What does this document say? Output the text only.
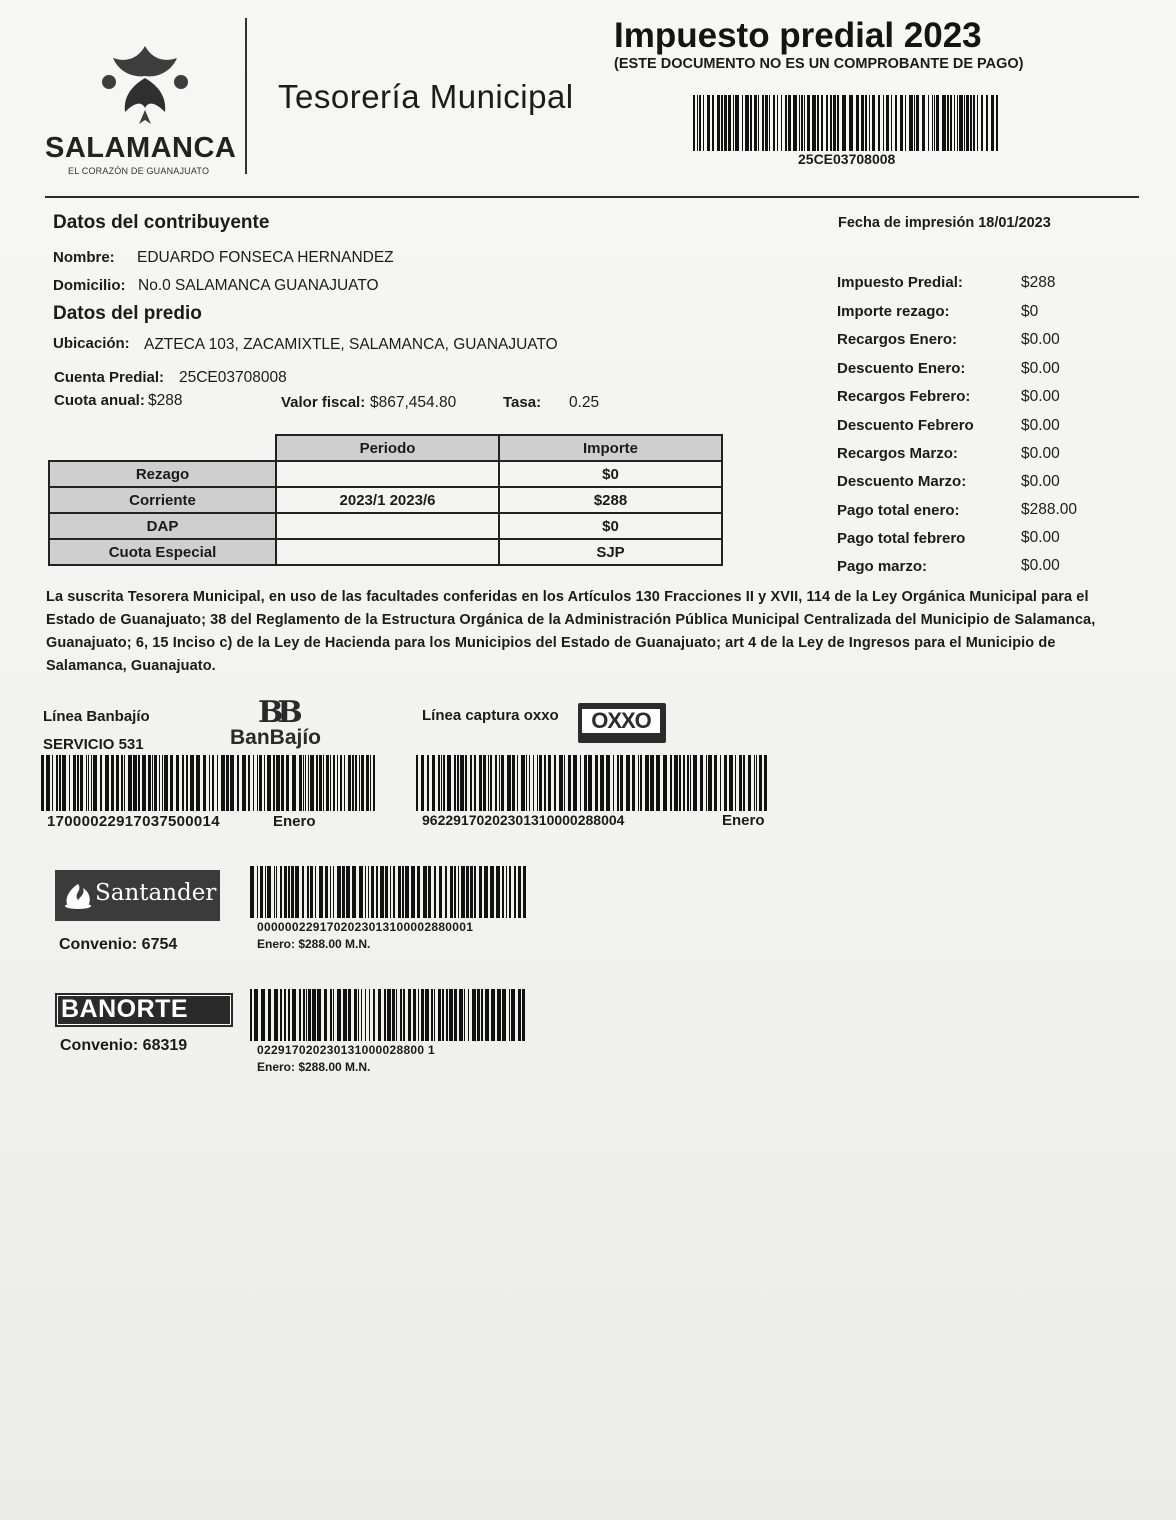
SALAMANCA
EL CORAZÓN DE GUANAJUATO
Tesorería Municipal
Impuesto predial 2023
(ESTE DOCUMENTO NO ES UN COMPROBANTE DE PAGO)
25CE03708008
Datos del contribuyente
Nombre: EDUARDO FONSECA HERNANDEZ
Domicilio: No.0 SALAMANCA GUANAJUATO
Datos del predio
Ubicación: AZTECA 103, ZACAMIXTLE, SALAMANCA, GUANAJUATO
Cuenta Predial: 25CE03708008
Cuota anual: $288	Valor fiscal: $867,454.80	Tasa: 0.25
Fecha de impresión 18/01/2023
	Periodo	Importe
Rezago		$0
Corriente	2023/1 2023/6	$288
DAP		$0
Cuota Especial		SJP
Impuesto Predial:	$288
Importe rezago:	$0
Recargos Enero:	$0.00
Descuento Enero:	$0.00
Recargos Febrero:	$0.00
Descuento Febrero	$0.00
Recargos Marzo:	$0.00
Descuento Marzo:	$0.00
Pago total enero:	$288.00
Pago total febrero	$0.00
Pago marzo:	$0.00
La suscrita Tesorera Municipal, en uso de las facultades conferidas en los Artículos 130 Fracciones II y XVII, 114 de la Ley Orgánica Municipal para el Estado de Guanajuato; 38 del Reglamento de la Estructura Orgánica de la Administración Pública Municipal Centralizada del Municipio de Salamanca, Guanajuato; 6, 15 Inciso c) de la Ley de Hacienda para los Municipios del Estado de Guanajuato; art 4 de la Ley de Ingresos para el Municipio de Salamanca, Guanajuato.
Línea Banbajío
SERVICIO 531
BB
BanBajío
17000022917037500014	Enero
Línea captura oxxo	OXXO
96229170202301310000288004	Enero
Santander
Convenio: 6754
0000002291702023013100002880001
Enero: $288.00 M.N.
BANORTE
Convenio: 68319	022917020230131000028800 1
Enero: $288.00 M.N.
